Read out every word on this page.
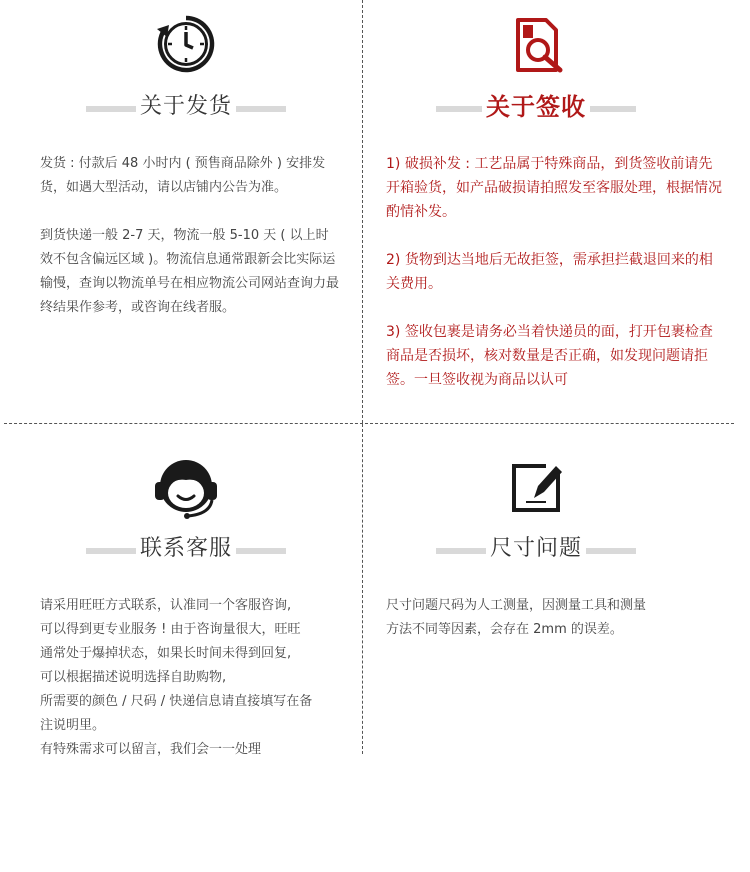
关于发货

发货 : 付款后 48 小时内 ( 预售商品除外 ) 安排发货，如遇大型活动，请以店铺内公告为准。

到货快递一般 2-7 天，物流一般 5-10 天 ( 以上时效不包含偏远区域 )。物流信息通常跟新会比实际运输慢，查询以物流单号在相应物流公司网站查询力最终结果作参考，或咨询在线者服。

关于签收

1) 破损补发 : 工艺品属于特殊商品，到货签收前请先开箱验货，如产品破损请拍照发至客服处理，根据情况酌情补发。

2) 货物到达当地后无故拒签，需承担拦截退回来的相关费用。

3) 签收包裹是请务必当着快递员的面，打开包裹检查商品是否损坏，核对数量是否正确，如发现问题请拒签。一旦签收视为商品以认可

联系客服

请采用旺旺方式联系，认准同一个客服咨询,

可以得到更专业服务 ! 由于咨询量很大，旺旺

通常处于爆掉状态，如果长时间未得到回复,

可以根据描述说明选择自助购物,

所需要的颜色 / 尺码 / 快递信息请直接填写在备

注说明里。

有特殊需求可以留言，我们会一一处理

尺寸问题

尺寸问题尺码为人工测量，因测量工具和测量

方法不同等因素，会存在 2mm 的误差。
